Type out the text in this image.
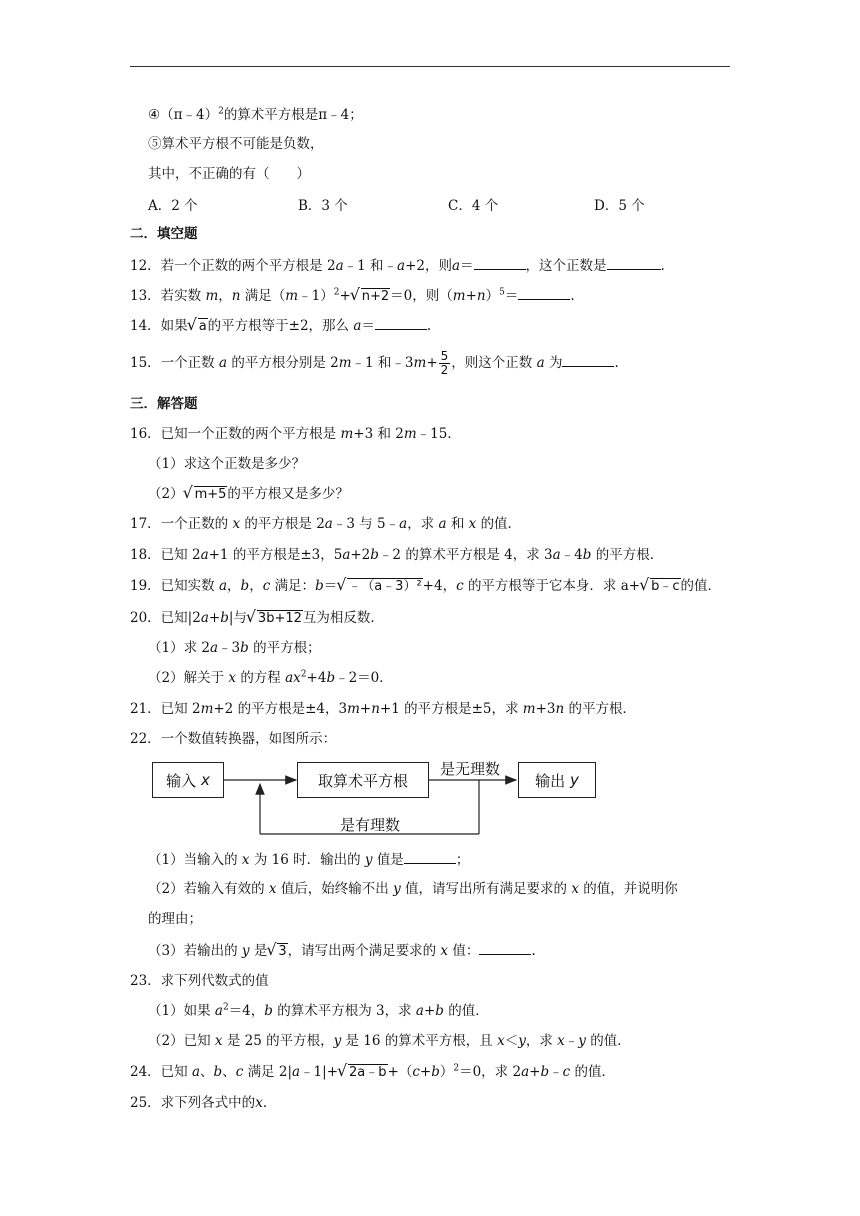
④（π﹣4）$^2$的算术平方根是π﹣4；
⑤算术平方根不可能是负数，
其中，不正确的有（　　）
A．2 个	B．3 个	C．4 个	D．5 个
二．填空题
12．若一个正数的两个平方根是 2a﹣1 和﹣a+2，则a＝	，这个正数是	.
13．若实数 m，n 满足（m﹣1）$^2$+ √ n+2＝0，则$(m+n)^5=$	.
14．如果 √ a的平方根等于±2，那么 a＝	.
15．一个正数 a 的平方根分别是 2m﹣1 和﹣3m+ $\frac{5}{2}$ ，则这个正数 a 为	.
三．解答题
16．已知一个正数的两个平方根是 m+3 和 2m﹣15．
（1）求这个正数是多少？
（2） √ m+5的平方根又是多少？
17．一个正数的 x 的平方根是 2a﹣3 与 5﹣a，求 a 和 x 的值．
18．已知 2a+1 的平方根是±3，5a+2b﹣2 的算术平方根是 4，求 3a﹣4b 的平方根．
19．已知实数 a，b，c 满足：b＝ √ ﹣（a﹣3）²+4，c 的平方根等于它本身．求 a+ √ b﹣c的值．
20．已知|2a+b|与 √ 3b+12互为相反数．
（1）求 2a﹣3b 的平方根；
（2）解关于 x 的方程 $ax^2+4b﹣2=0$．
21．已知 2m+2 的平方根是±4，3m+n+1 的平方根是±5，求 m+3n 的平方根．
22．一个数值转换器，如图所示：
输入
x	取算术平方根	输出
y
是无理数
是有理数
（1）当输入的 x 为 16 时．输出的 y 值是	；
（2）若输入有效的 x 值后，始终输不出 y 值，请写出所有满足要求的 x 的值，并说明你
的理由；
（3）若输出的 y 是 √ 3，请写出两个满足要求的 x 值：	.
23．求下列代数式的值
（1）如果 $a^2=4$，b 的算术平方根为 3，求 a+b 的值．
（2）已知 x 是 25 的平方根，y 是 16 的算术平方根，且 x＜y，求 x﹣y 的值．
24．已知 a、b、c 满足 2|a﹣1|+ √ $2a﹣b+(c+b)^2=0$，求 2a+b﹣c 的值．
25．求下列各式中的x．
